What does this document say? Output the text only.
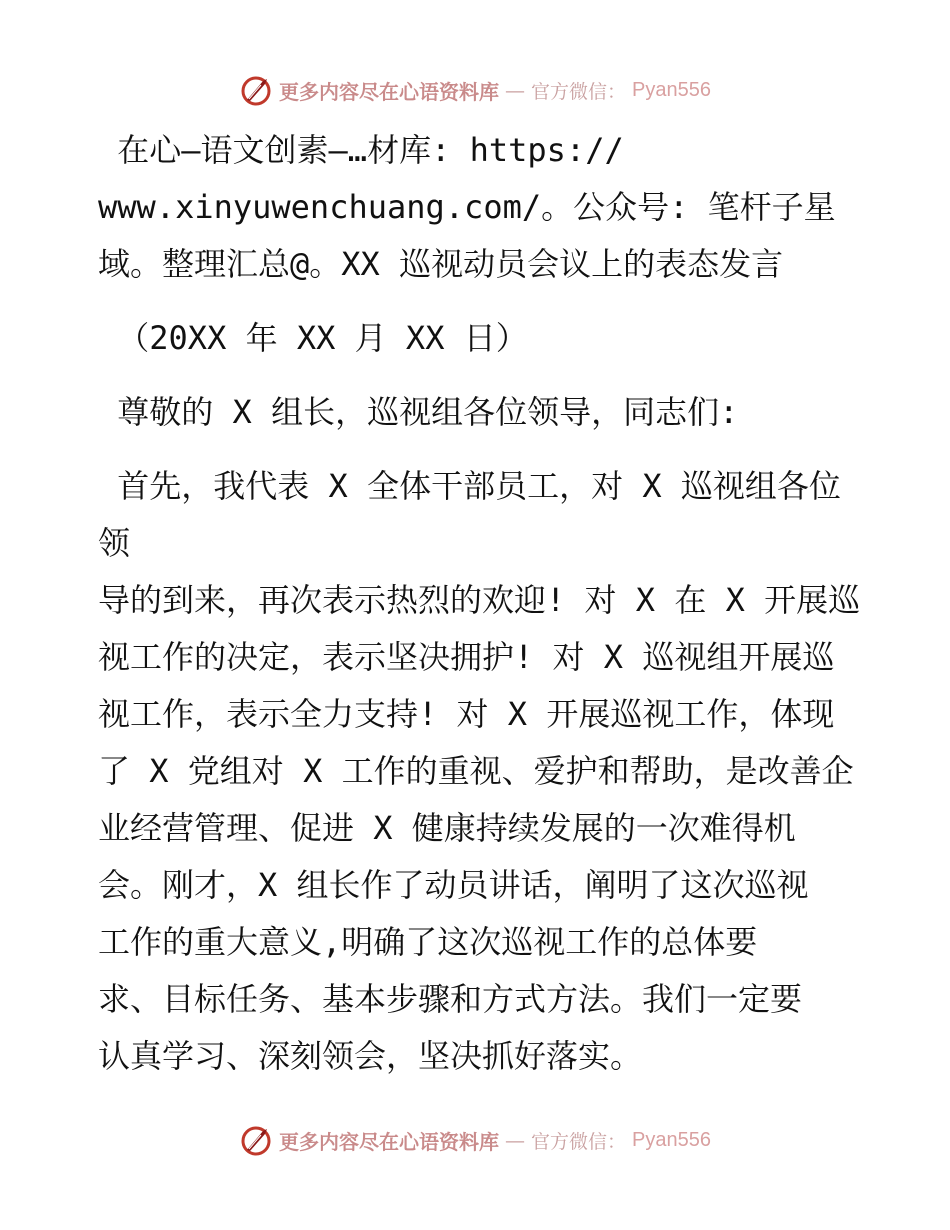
更多内容尽在心语资料库 — 官方微信： Pyan556

在心—语文创素—…材库: https://

www.xinyuwenchuang.com/。公众号: 笔杆子星

域。整理汇总@。XX 巡视动员会议上的表态发言

（20XX 年 XX 月 XX 日）

尊敬的 X 组长，巡视组各位领导，同志们:

首先，我代表 X 全体干部员工，对 X 巡视组各位领

导的到来，再次表示热烈的欢迎! 对 X 在 X 开展巡

视工作的决定，表示坚决拥护! 对 X 巡视组开展巡

视工作，表示全力支持! 对 X 开展巡视工作，体现

了 X 党组对 X 工作的重视、爱护和帮助，是改善企

业经营管理、促进 X 健康持续发展的一次难得机

会。刚才，X 组长作了动员讲话，阐明了这次巡视

工作的重大意义,明确了这次巡视工作的总体要

求、目标任务、基本步骤和方式方法。我们一定要

认真学习、深刻领会，坚决抓好落实。

更多内容尽在心语资料库 — 官方微信： Pyan556
